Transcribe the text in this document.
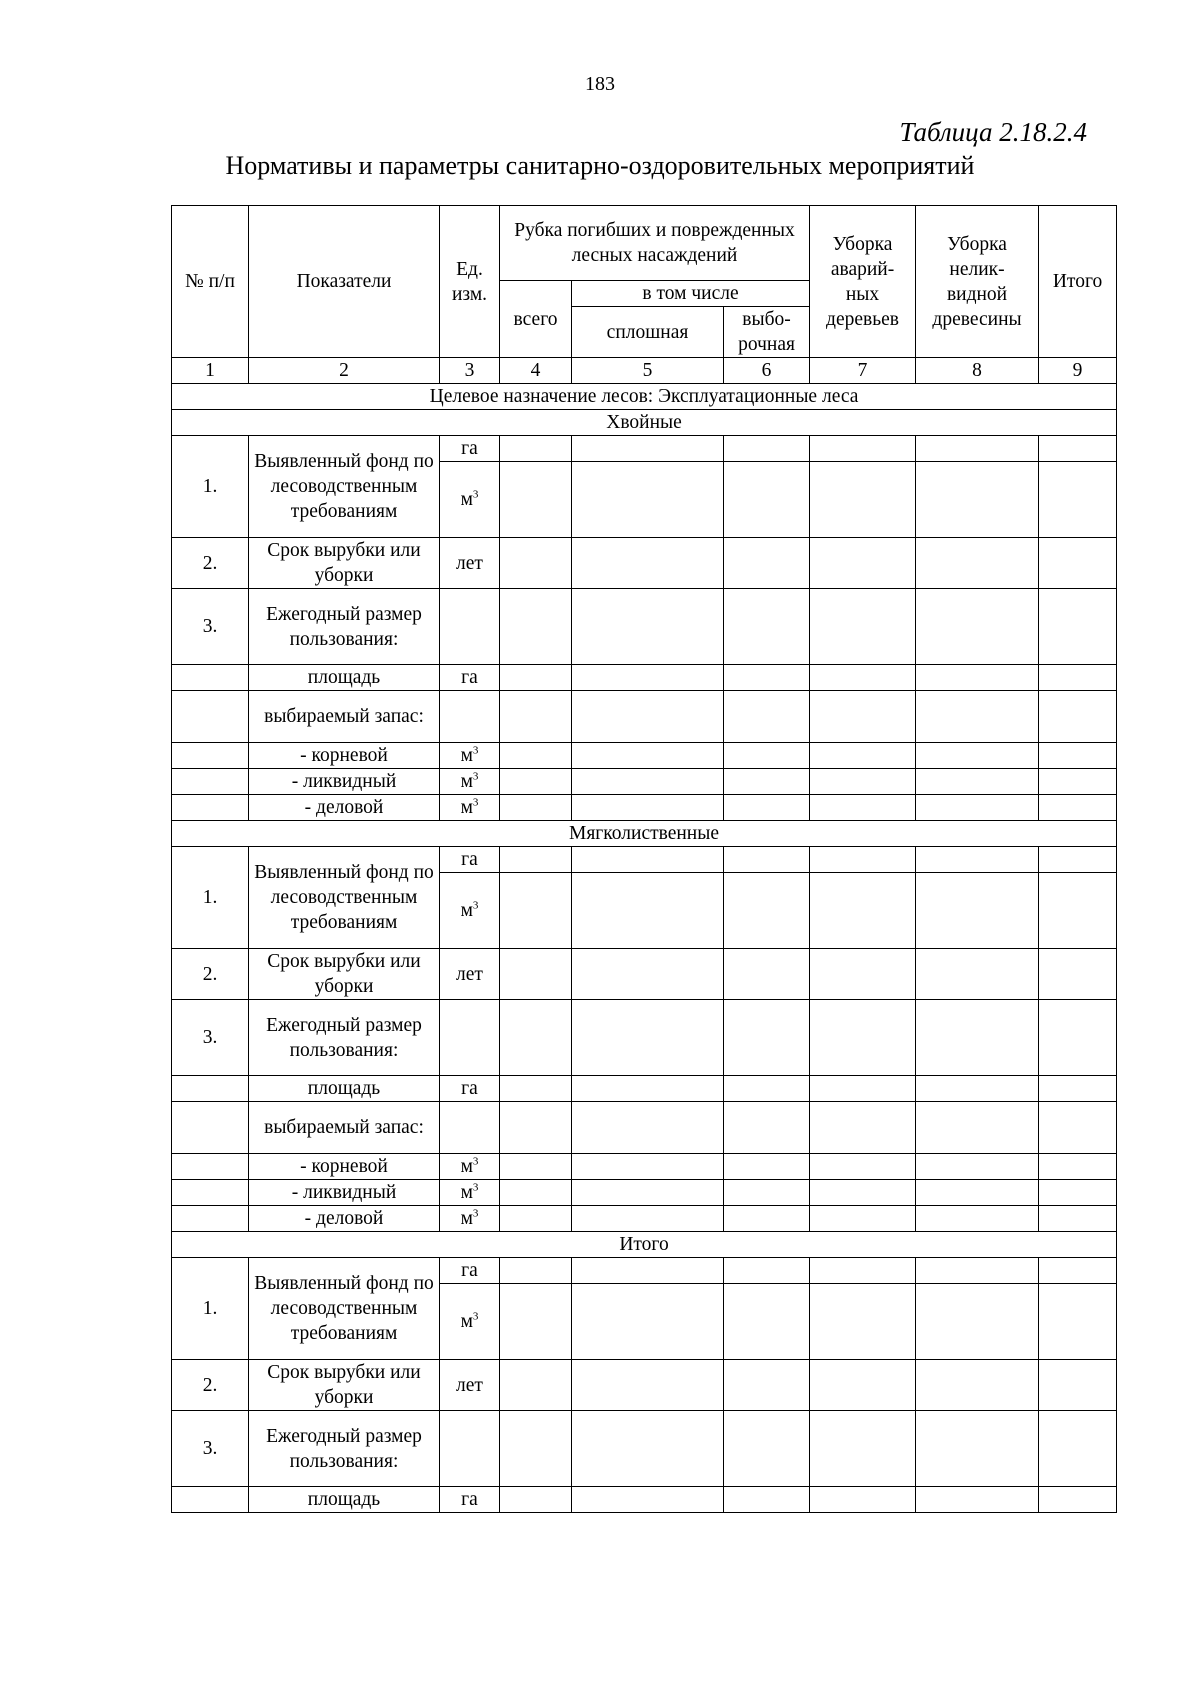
183
Таблица 2.18.2.4
Нормативы и параметры санитарно-оздоровительных мероприятий
№ п/п	Показатели	Ед. изм.	Рубка погибших и поврежденных лесных насаждений			Уборка аварий- ных деревьев	Уборка нелик- видной древесины	Итого
			всего	в том числе				
				сплошная	выбо- рочная			

1	2	3	4	5	6	7	8	9
Целевое назначение лесов: Эксплуатационные леса								
Хвойные								
1.	Выявленный фонд по лесоводственным требованиям	га						
		$м^3$						
2.	Срок вырубки или уборки	лет						
3.	Ежегодный размер пользования:							
	площадь	га						
	выбираемый запас:							
	- корневой	$м^3$						
	- ликвидный	$м^3$						
	- деловой	$м^3$						
Мягколиственные								
1.	Выявленный фонд по лесоводственным требованиям	га						
		$м^3$						
2.	Срок вырубки или уборки	лет						
3.	Ежегодный размер пользования:							
	площадь	га						
	выбираемый запас:							
	- корневой	$м^3$						
	- ликвидный	$м^3$						
	- деловой	$м^3$						
Итого								
1.	Выявленный фонд по лесоводственным требованиям	га						
		$м^3$						
2.	Срок вырубки или уборки	лет						
3.	Ежегодный размер пользования:							
	площадь	га						
